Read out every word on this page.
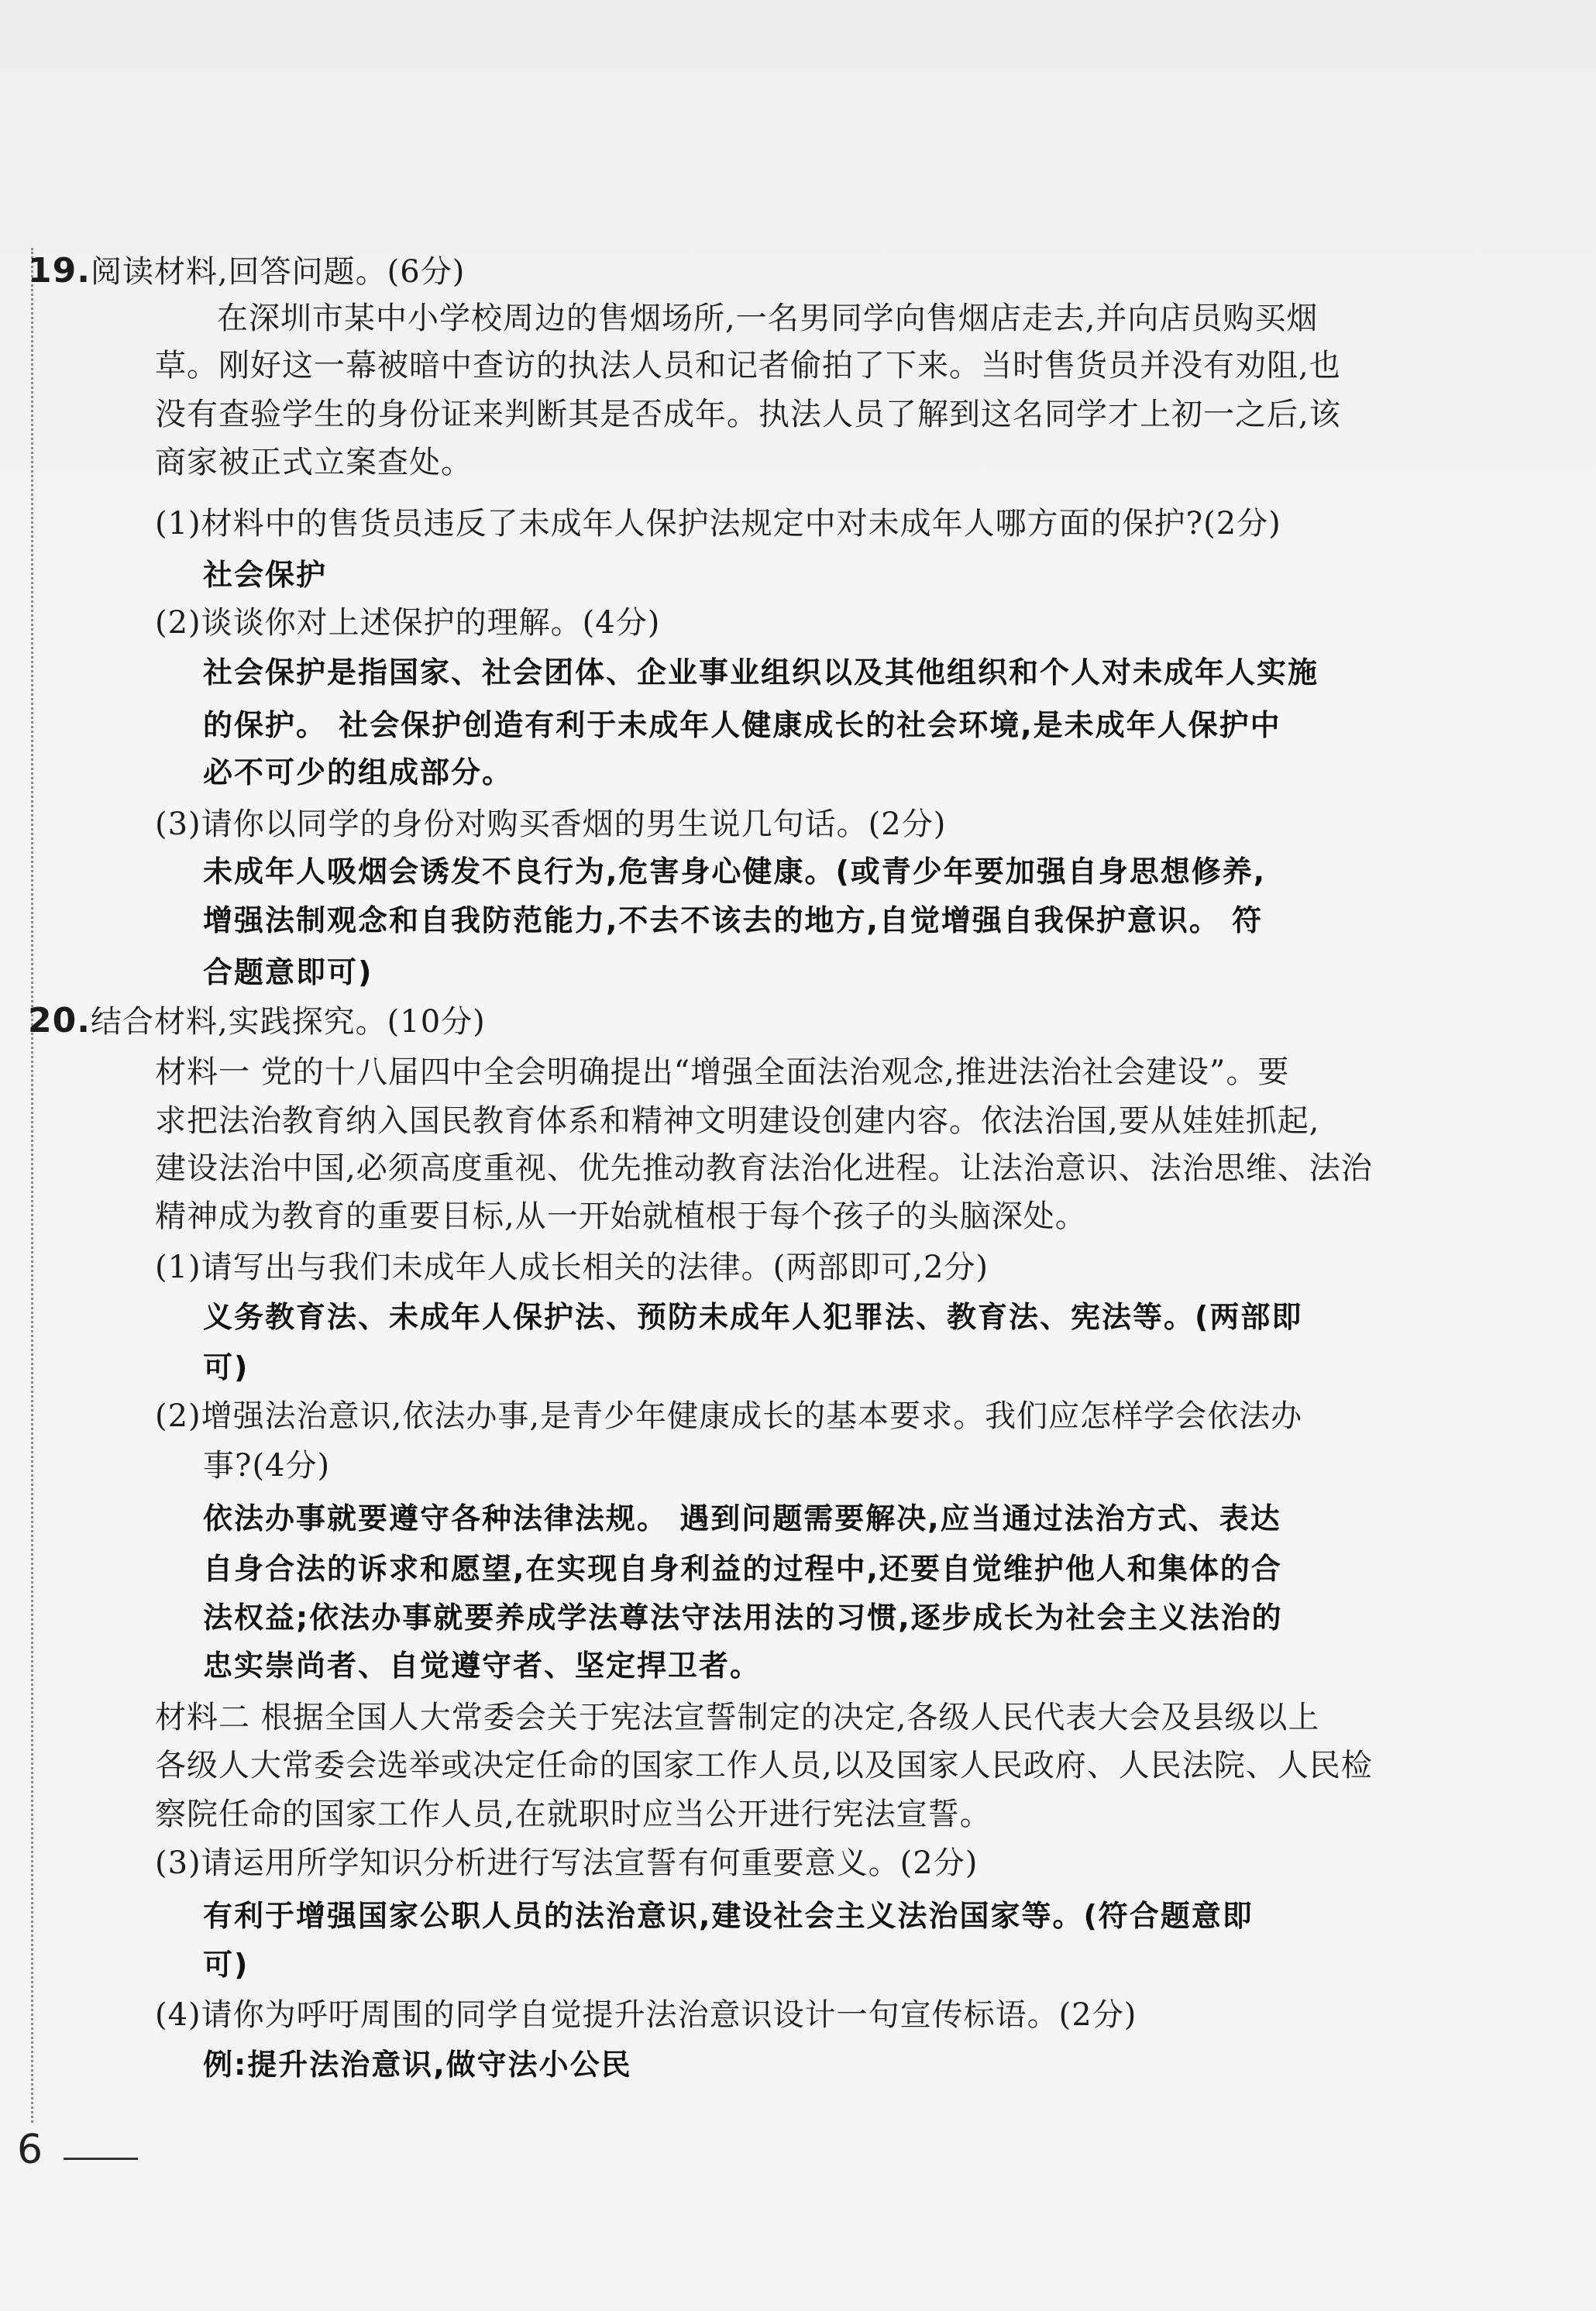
19.阅读材料,回答问题。(6分)
在深圳市某中小学校周边的售烟场所,一名男同学向售烟店走去,并向店员购买烟
草。刚好这一幕被暗中查访的执法人员和记者偷拍了下来。当时售货员并没有劝阻,也
没有查验学生的身份证来判断其是否成年。执法人员了解到这名同学才上初一之后,该
商家被正式立案查处。
(1)材料中的售货员违反了未成年人保护法规定中对未成年人哪方面的保护?(2分)
社会保护
(2)谈谈你对上述保护的理解。(4分)
社会保护是指国家、社会团体、企业事业组织以及其他组织和个人对未成年人实施
的保护。 社会保护创造有利于未成年人健康成长的社会环境,是未成年人保护中
必不可少的组成部分。
(3)请你以同学的身份对购买香烟的男生说几句话。(2分)
未成年人吸烟会诱发不良行为,危害身心健康。(或青少年要加强自身思想修养,
增强法制观念和自我防范能力,不去不该去的地方,自觉增强自我保护意识。 符
合题意即可)
20.结合材料,实践探究。(10分)
材料一 党的十八届四中全会明确提出“增强全面法治观念,推进法治社会建设”。要
求把法治教育纳入国民教育体系和精神文明建设创建内容。依法治国,要从娃娃抓起,
建设法治中国,必须高度重视、优先推动教育法治化进程。让法治意识、法治思维、法治
精神成为教育的重要目标,从一开始就植根于每个孩子的头脑深处。
(1)请写出与我们未成年人成长相关的法律。(两部即可,2分)
义务教育法、未成年人保护法、预防未成年人犯罪法、教育法、宪法等。(两部即
可)
(2)增强法治意识,依法办事,是青少年健康成长的基本要求。我们应怎样学会依法办
事?(4分)
依法办事就要遵守各种法律法规。 遇到问题需要解决,应当通过法治方式、表达
自身合法的诉求和愿望,在实现自身利益的过程中,还要自觉维护他人和集体的合
法权益;依法办事就要养成学法尊法守法用法的习惯,逐步成长为社会主义法治的
忠实崇尚者、自觉遵守者、坚定捍卫者。
材料二 根据全国人大常委会关于宪法宣誓制定的决定,各级人民代表大会及县级以上
各级人大常委会选举或决定任命的国家工作人员,以及国家人民政府、人民法院、人民检
察院任命的国家工作人员,在就职时应当公开进行宪法宣誓。
(3)请运用所学知识分析进行写法宣誓有何重要意义。(2分)
有利于增强国家公职人员的法治意识,建设社会主义法治国家等。(符合题意即
可)
(4)请你为呼吁周围的同学自觉提升法治意识设计一句宣传标语。(2分)
例:提升法治意识,做守法小公民
6
